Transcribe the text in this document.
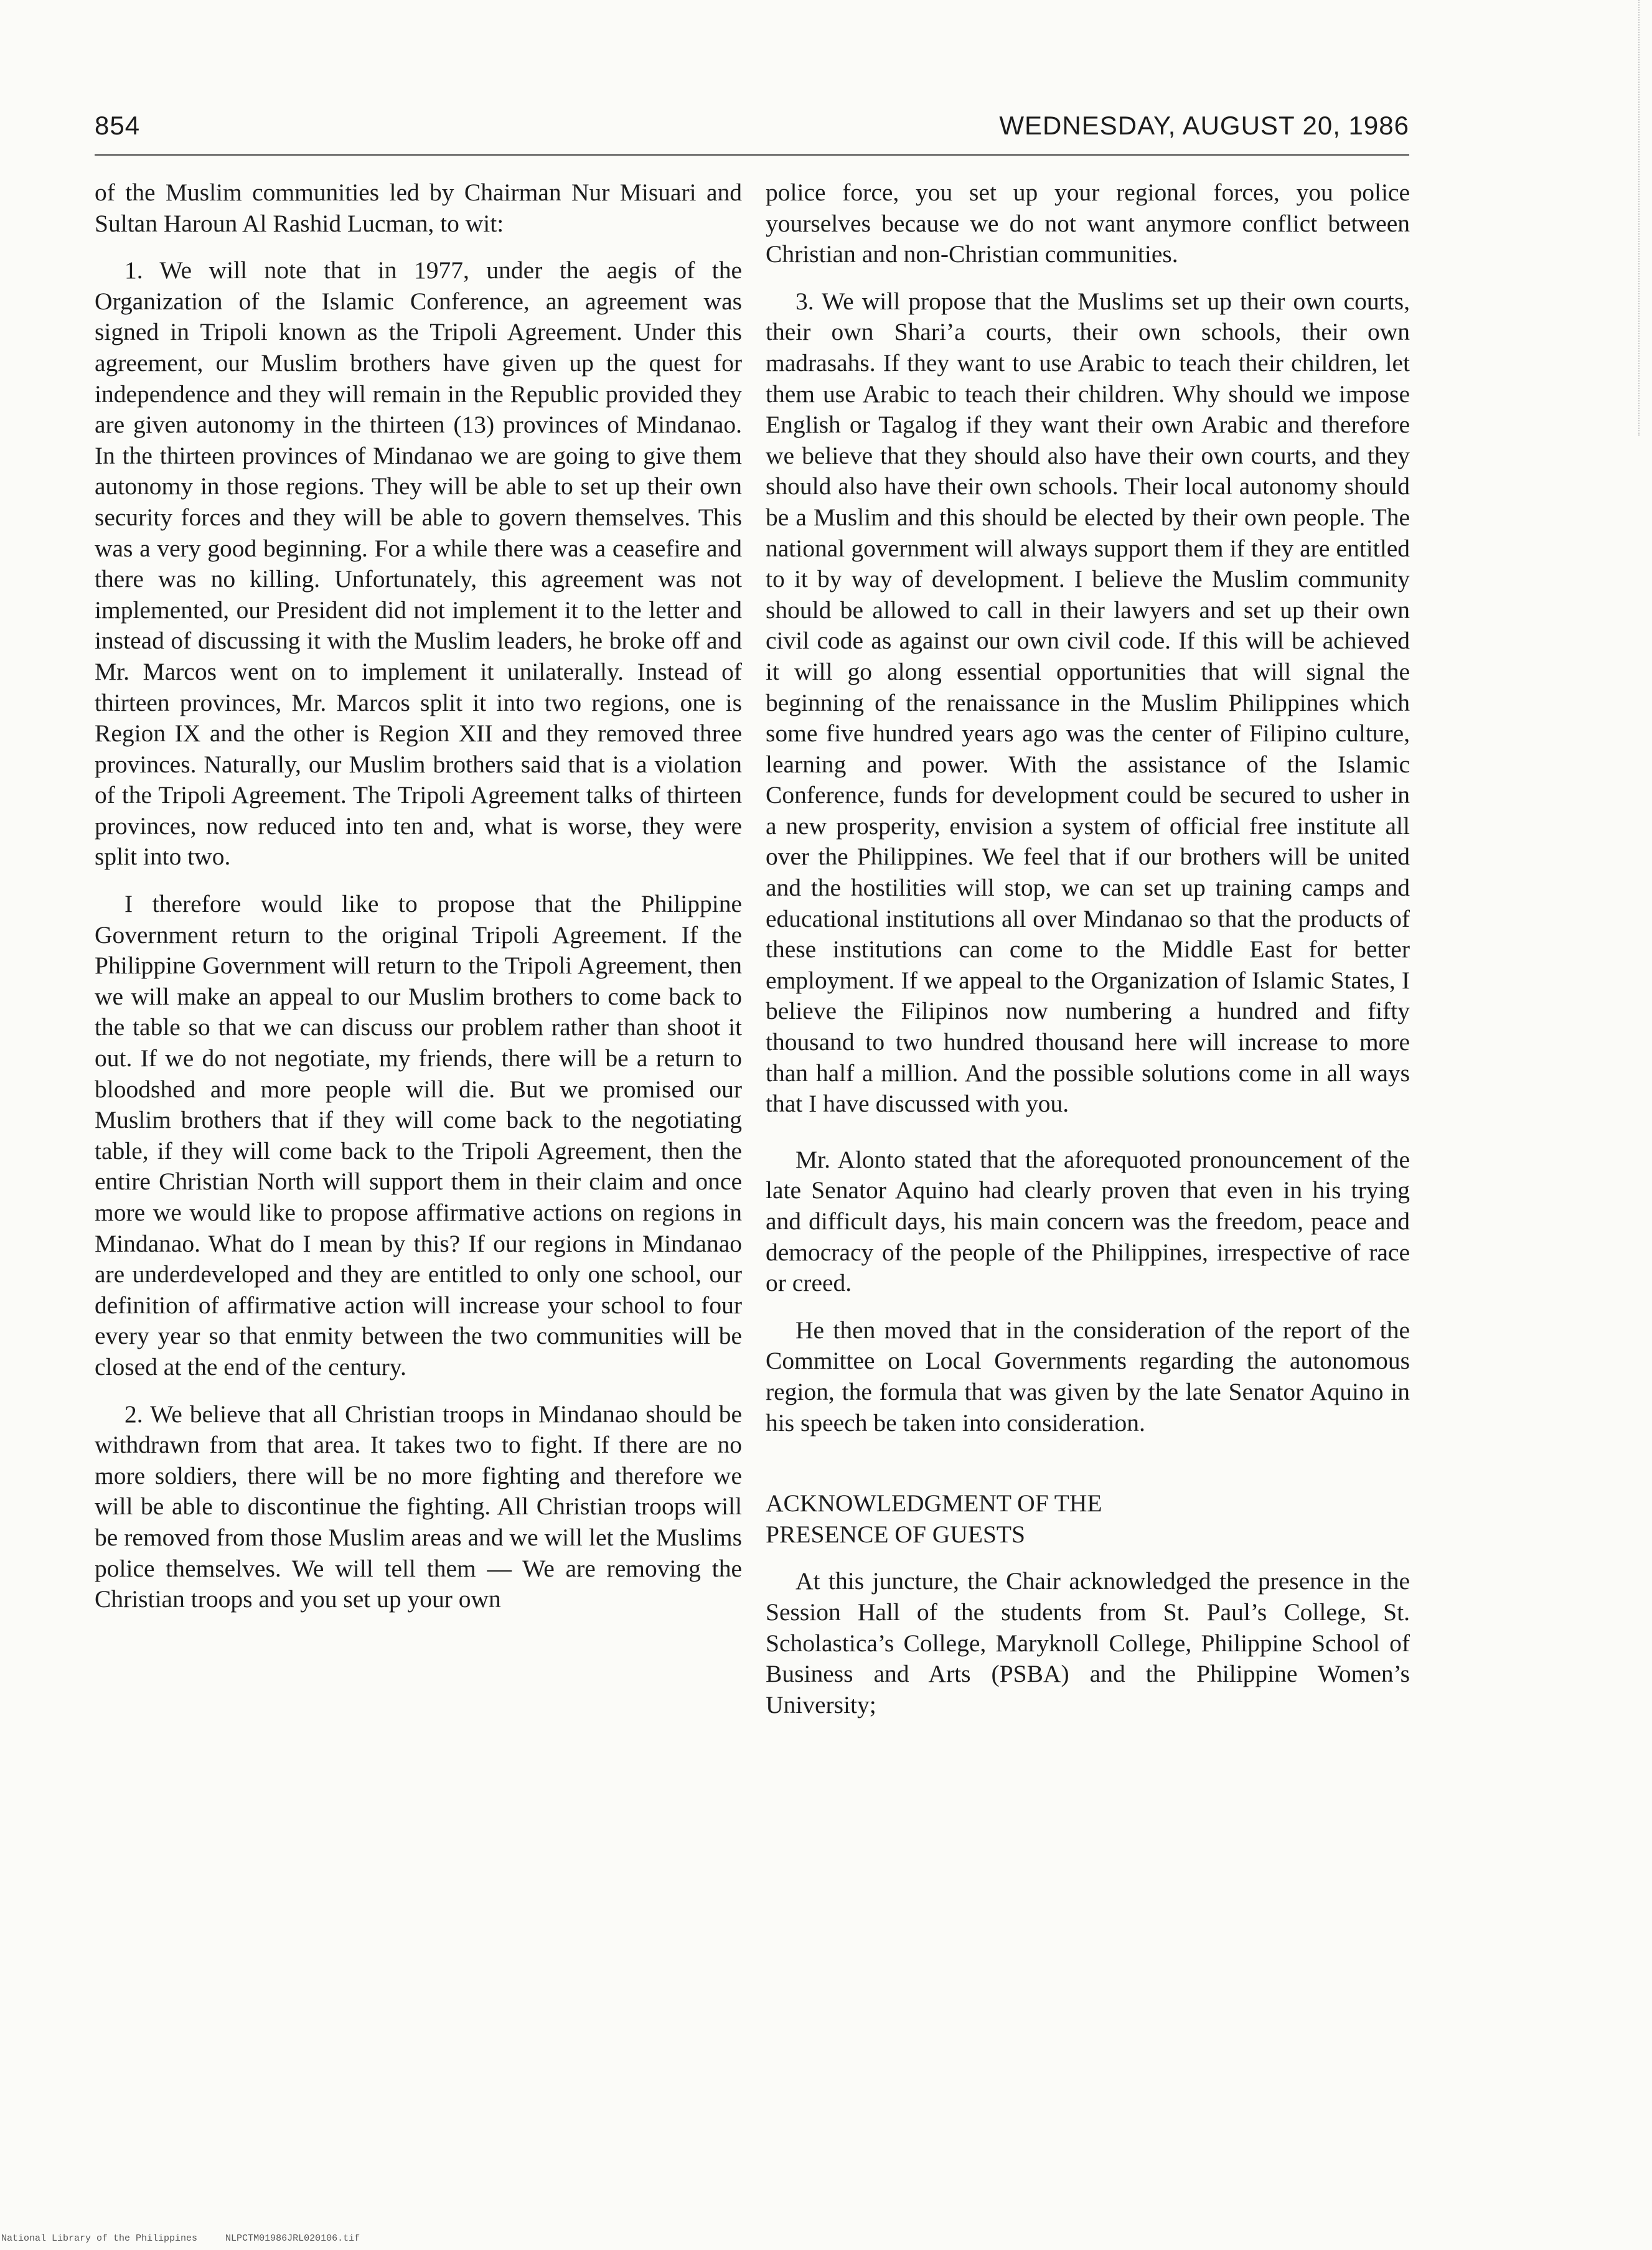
854	WEDNESDAY, AUGUST 20, 1986

of the Muslim communities led by Chairman Nur Misuari and Sultan Haroun Al Rashid Lucman, to wit:

1. We will note that in 1977, under the aegis of the Organization of the Islamic Conference, an agreement was signed in Tripoli known as the Tripoli Agreement. Under this agreement, our Muslim brothers have given up the quest for independence and they will remain in the Republic provided they are given autonomy in the thirteen (13) provinces of Mindanao. In the thirteen provinces of Mindanao we are going to give them autonomy in those regions. They will be able to set up their own security forces and they will be able to govern themselves. This was a very good beginning. For a while there was a ceasefire and there was no killing. Unfortunately, this agreement was not implemented, our President did not implement it to the letter and instead of discussing it with the Muslim leaders, he broke off and Mr. Marcos went on to implement it unilaterally. Instead of thirteen provinces, Mr. Marcos split it into two regions, one is Region IX and the other is Region XII and they removed three provinces. Naturally, our Muslim brothers said that is a violation of the Tripoli Agreement. The Tripoli Agreement talks of thirteen provinces, now reduced into ten and, what is worse, they were split into two.

I therefore would like to propose that the Philippine Government return to the original Tripoli Agreement. If the Philippine Government will return to the Tripoli Agreement, then we will make an appeal to our Muslim brothers to come back to the table so that we can discuss our problem rather than shoot it out. If we do not negotiate, my friends, there will be a return to bloodshed and more people will die. But we promised our Muslim brothers that if they will come back to the negotiating table, if they will come back to the Tripoli Agreement, then the entire Christian North will support them in their claim and once more we would like to propose affirmative actions on regions in Mindanao. What do I mean by this? If our regions in Mindanao are underdeveloped and they are entitled to only one school, our definition of affirmative action will increase your school to four every year so that enmity between the two communities will be closed at the end of the century.

2. We believe that all Christian troops in Mindanao should be withdrawn from that area. It takes two to fight. If there are no more soldiers, there will be no more fighting and therefore we will be able to discontinue the fighting. All Christian troops will be removed from those Muslim areas and we will let the Muslims police themselves. We will tell them — We are removing the Christian troops and you set up your own

police force, you set up your regional forces, you police yourselves because we do not want anymore conflict between Christian and non-Christian communities.

3. We will propose that the Muslims set up their own courts, their own Shari’a courts, their own schools, their own madrasahs. If they want to use Arabic to teach their children, let them use Arabic to teach their children. Why should we impose English or Tagalog if they want their own Arabic and therefore we believe that they should also have their own courts, and they should also have their own schools. Their local autonomy should be a Muslim and this should be elected by their own people. The national government will always support them if they are entitled to it by way of development. I believe the Muslim community should be allowed to call in their lawyers and set up their own civil code as against our own civil code. If this will be achieved it will go along essential opportunities that will signal the beginning of the renaissance in the Muslim Philippines which some five hundred years ago was the center of Filipino culture, learning and power. With the assistance of the Islamic Conference, funds for development could be secured to usher in a new prosperity, envision a system of official free institute all over the Philippines. We feel that if our brothers will be united and the hostilities will stop, we can set up training camps and educational institutions all over Mindanao so that the products of these institutions can come to the Middle East for better employment. If we appeal to the Organization of Islamic States, I believe the Filipinos now numbering a hundred and fifty thousand to two hundred thousand here will increase to more than half a million. And the possible solutions come in all ways that I have discussed with you.

Mr. Alonto stated that the aforequoted pronouncement of the late Senator Aquino had clearly proven that even in his trying and difficult days, his main concern was the freedom, peace and democracy of the people of the Philippines, irrespective of race or creed.

He then moved that in the consideration of the report of the Committee on Local Governments regarding the autonomous region, the formula that was given by the late Senator Aquino in his speech be taken into consideration.

ACKNOWLEDGMENT OF THE
PRESENCE OF GUESTS

At this juncture, the Chair acknowledged the presence in the Session Hall of the students from St. Paul’s College, St. Scholastica’s College, Maryknoll College, Philippine School of Business and Arts (PSBA) and the Philippine Women’s University;

National Library of the Philippines     NLPCTM01986JRL020106.tif
